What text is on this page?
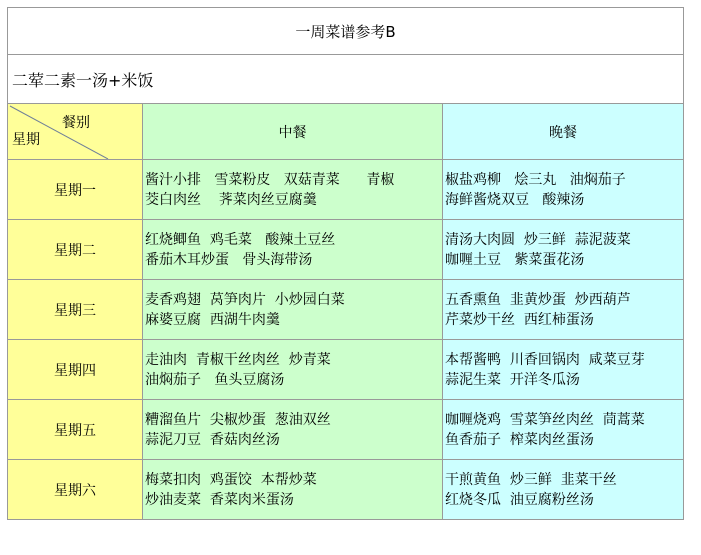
一周菜谱参考B		
二荤二素一汤+米饭		

餐别
星期	中餐	晚餐
星期一	酱汁小排   雪菜粉皮   双菇青菜      青椒
茭白肉丝    荠菜肉丝豆腐羹	椒盐鸡柳   烩三丸   油焖茄子
海鲜酱烧双豆   酸辣汤

星期二	红烧鲫鱼  鸡毛菜   酸辣土豆丝
番茄木耳炒蛋   骨头海带汤	清汤大肉圆  炒三鲜  蒜泥菠菜
咖喱土豆   紫菜蛋花汤

星期三	麦香鸡翅  莴笋肉片  小炒园白菜
麻婆豆腐  西湖牛肉羹	五香熏鱼  韭黄炒蛋  炒西葫芦
芹菜炒干丝  西红柿蛋汤

星期四	走油肉  青椒干丝肉丝  炒青菜
油焖茄子   鱼头豆腐汤	本帮酱鸭  川香回锅肉  咸菜豆芽
蒜泥生菜  开洋冬瓜汤

星期五	糟溜鱼片  尖椒炒蛋  葱油双丝
蒜泥刀豆  香菇肉丝汤	咖喱烧鸡  雪菜笋丝肉丝  茼蒿菜
鱼香茄子  榨菜肉丝蛋汤

星期六	梅菜扣肉  鸡蛋饺  本帮炒菜
炒油麦菜  香菜肉米蛋汤	干煎黄鱼  炒三鲜  韭菜干丝
红烧冬瓜  油豆腐粉丝汤
